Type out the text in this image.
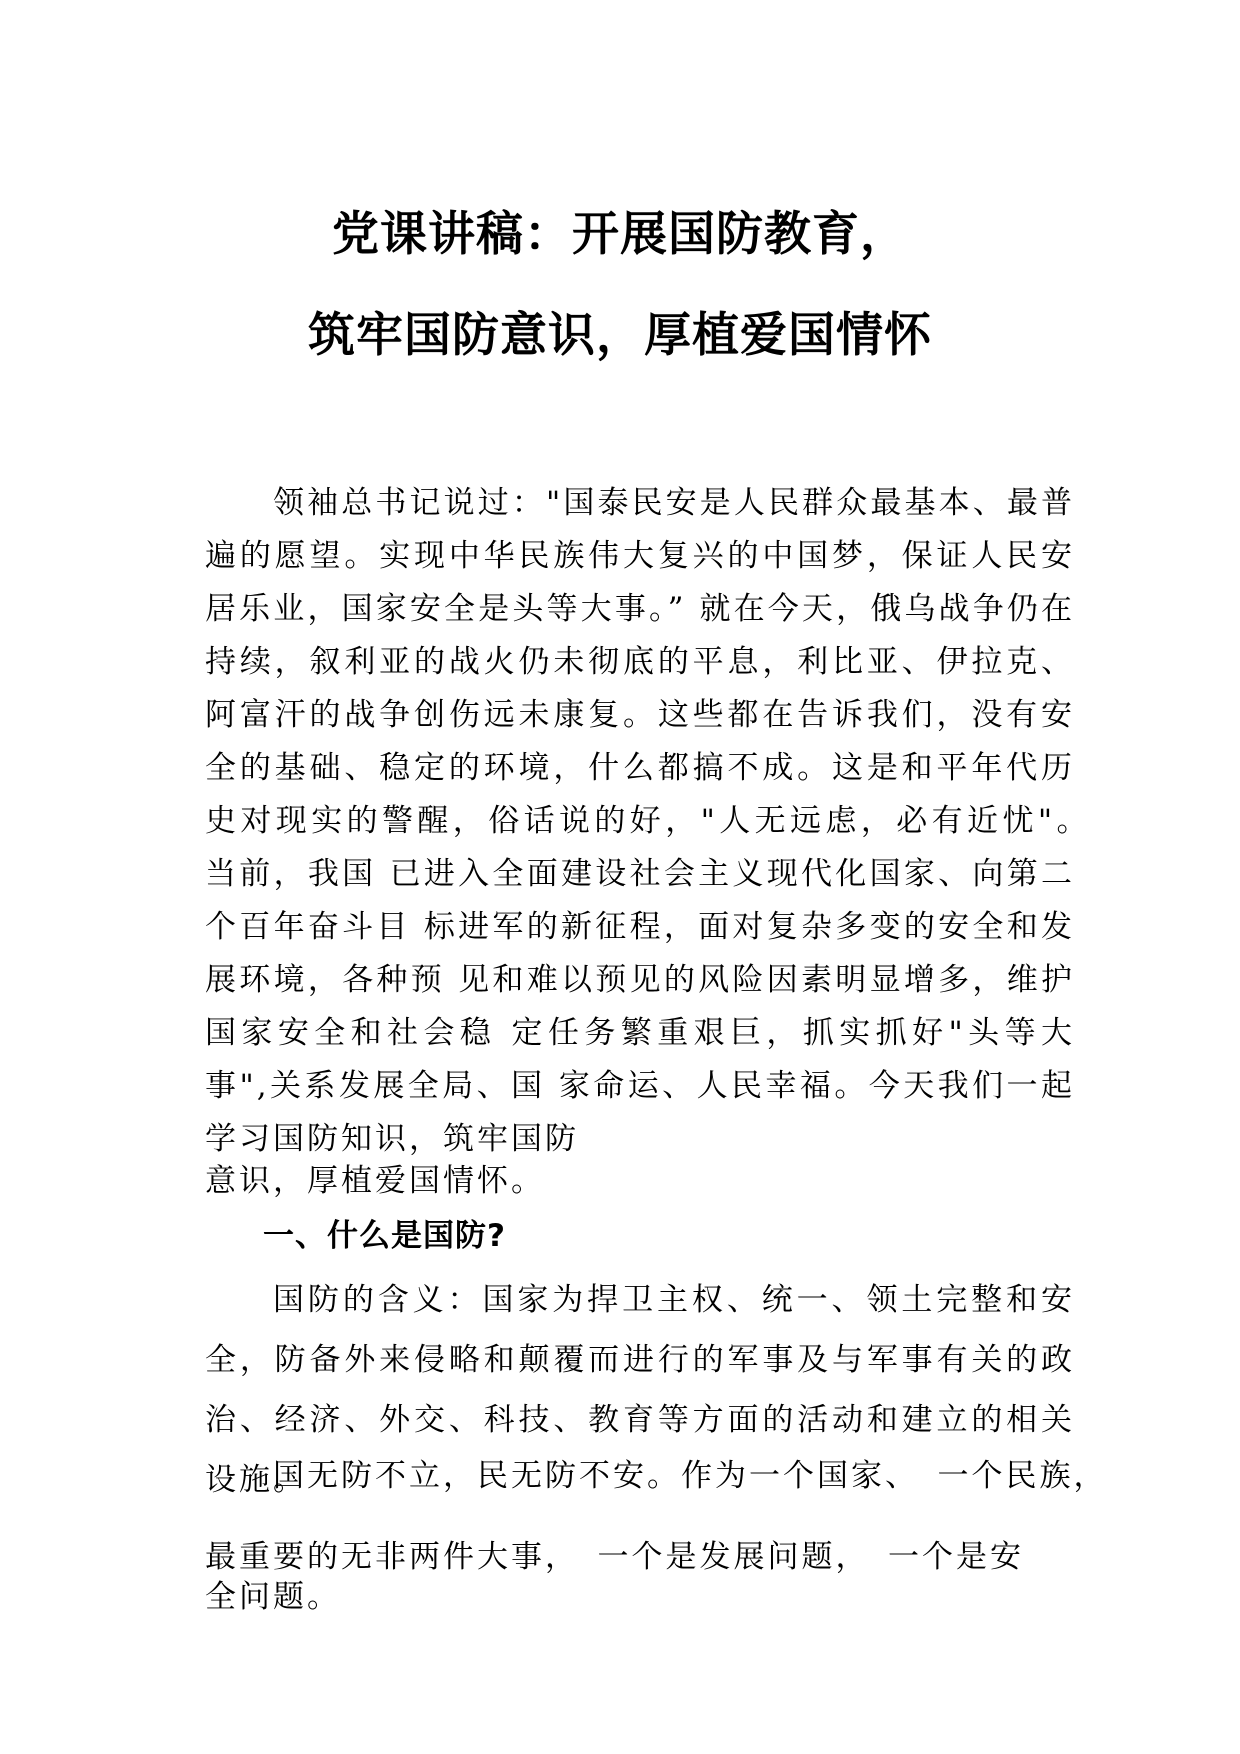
党课讲稿：开展国防教育，
筑牢国防意识，厚植爱国情怀
领袖总书记说过："国泰民安是人民群众最基本、最普遍的愿望。实现中华民族伟大复兴的中国梦，保证人民安居乐业，国家安全是头等大事。” 就在今天，俄乌战争仍在持续，叙利亚的战火仍未彻底的平息，利比亚、伊拉克、阿富汗的战争创伤远未康复。这些都在告诉我们，没有安全的基础、稳定的环境，什么都搞不成。这是和平年代历史对现实的警醒，俗话说的好，"人无远虑，必有近忧"。　当前，我国 已进入全面建设社会主义现代化国家、向第二个百年奋斗目 标进军的新征程，面对复杂多变的安全和发展环境，各种预 见和难以预见的风险因素明显增多，维护国家安全和社会稳 定任务繁重艰巨，抓实抓好"头等大事",关系发展全局、国 家命运、人民幸福。今天我们一起学习国防知识，筑牢国防
意识，厚植爱国情怀。
一、什么是国防?
国防的含义：国家为捍卫主权、统一、领土完整和安全，防备外来侵略和颠覆而进行的军事及与军事有关的政治、经济、外交、科技、教育等方面的活动和建立的相关设施。
国无防不立，民无防不安。作为一个国家、　一个民族，
最重要的无非两件大事，　一个是发展问题，　一个是安全问题。
